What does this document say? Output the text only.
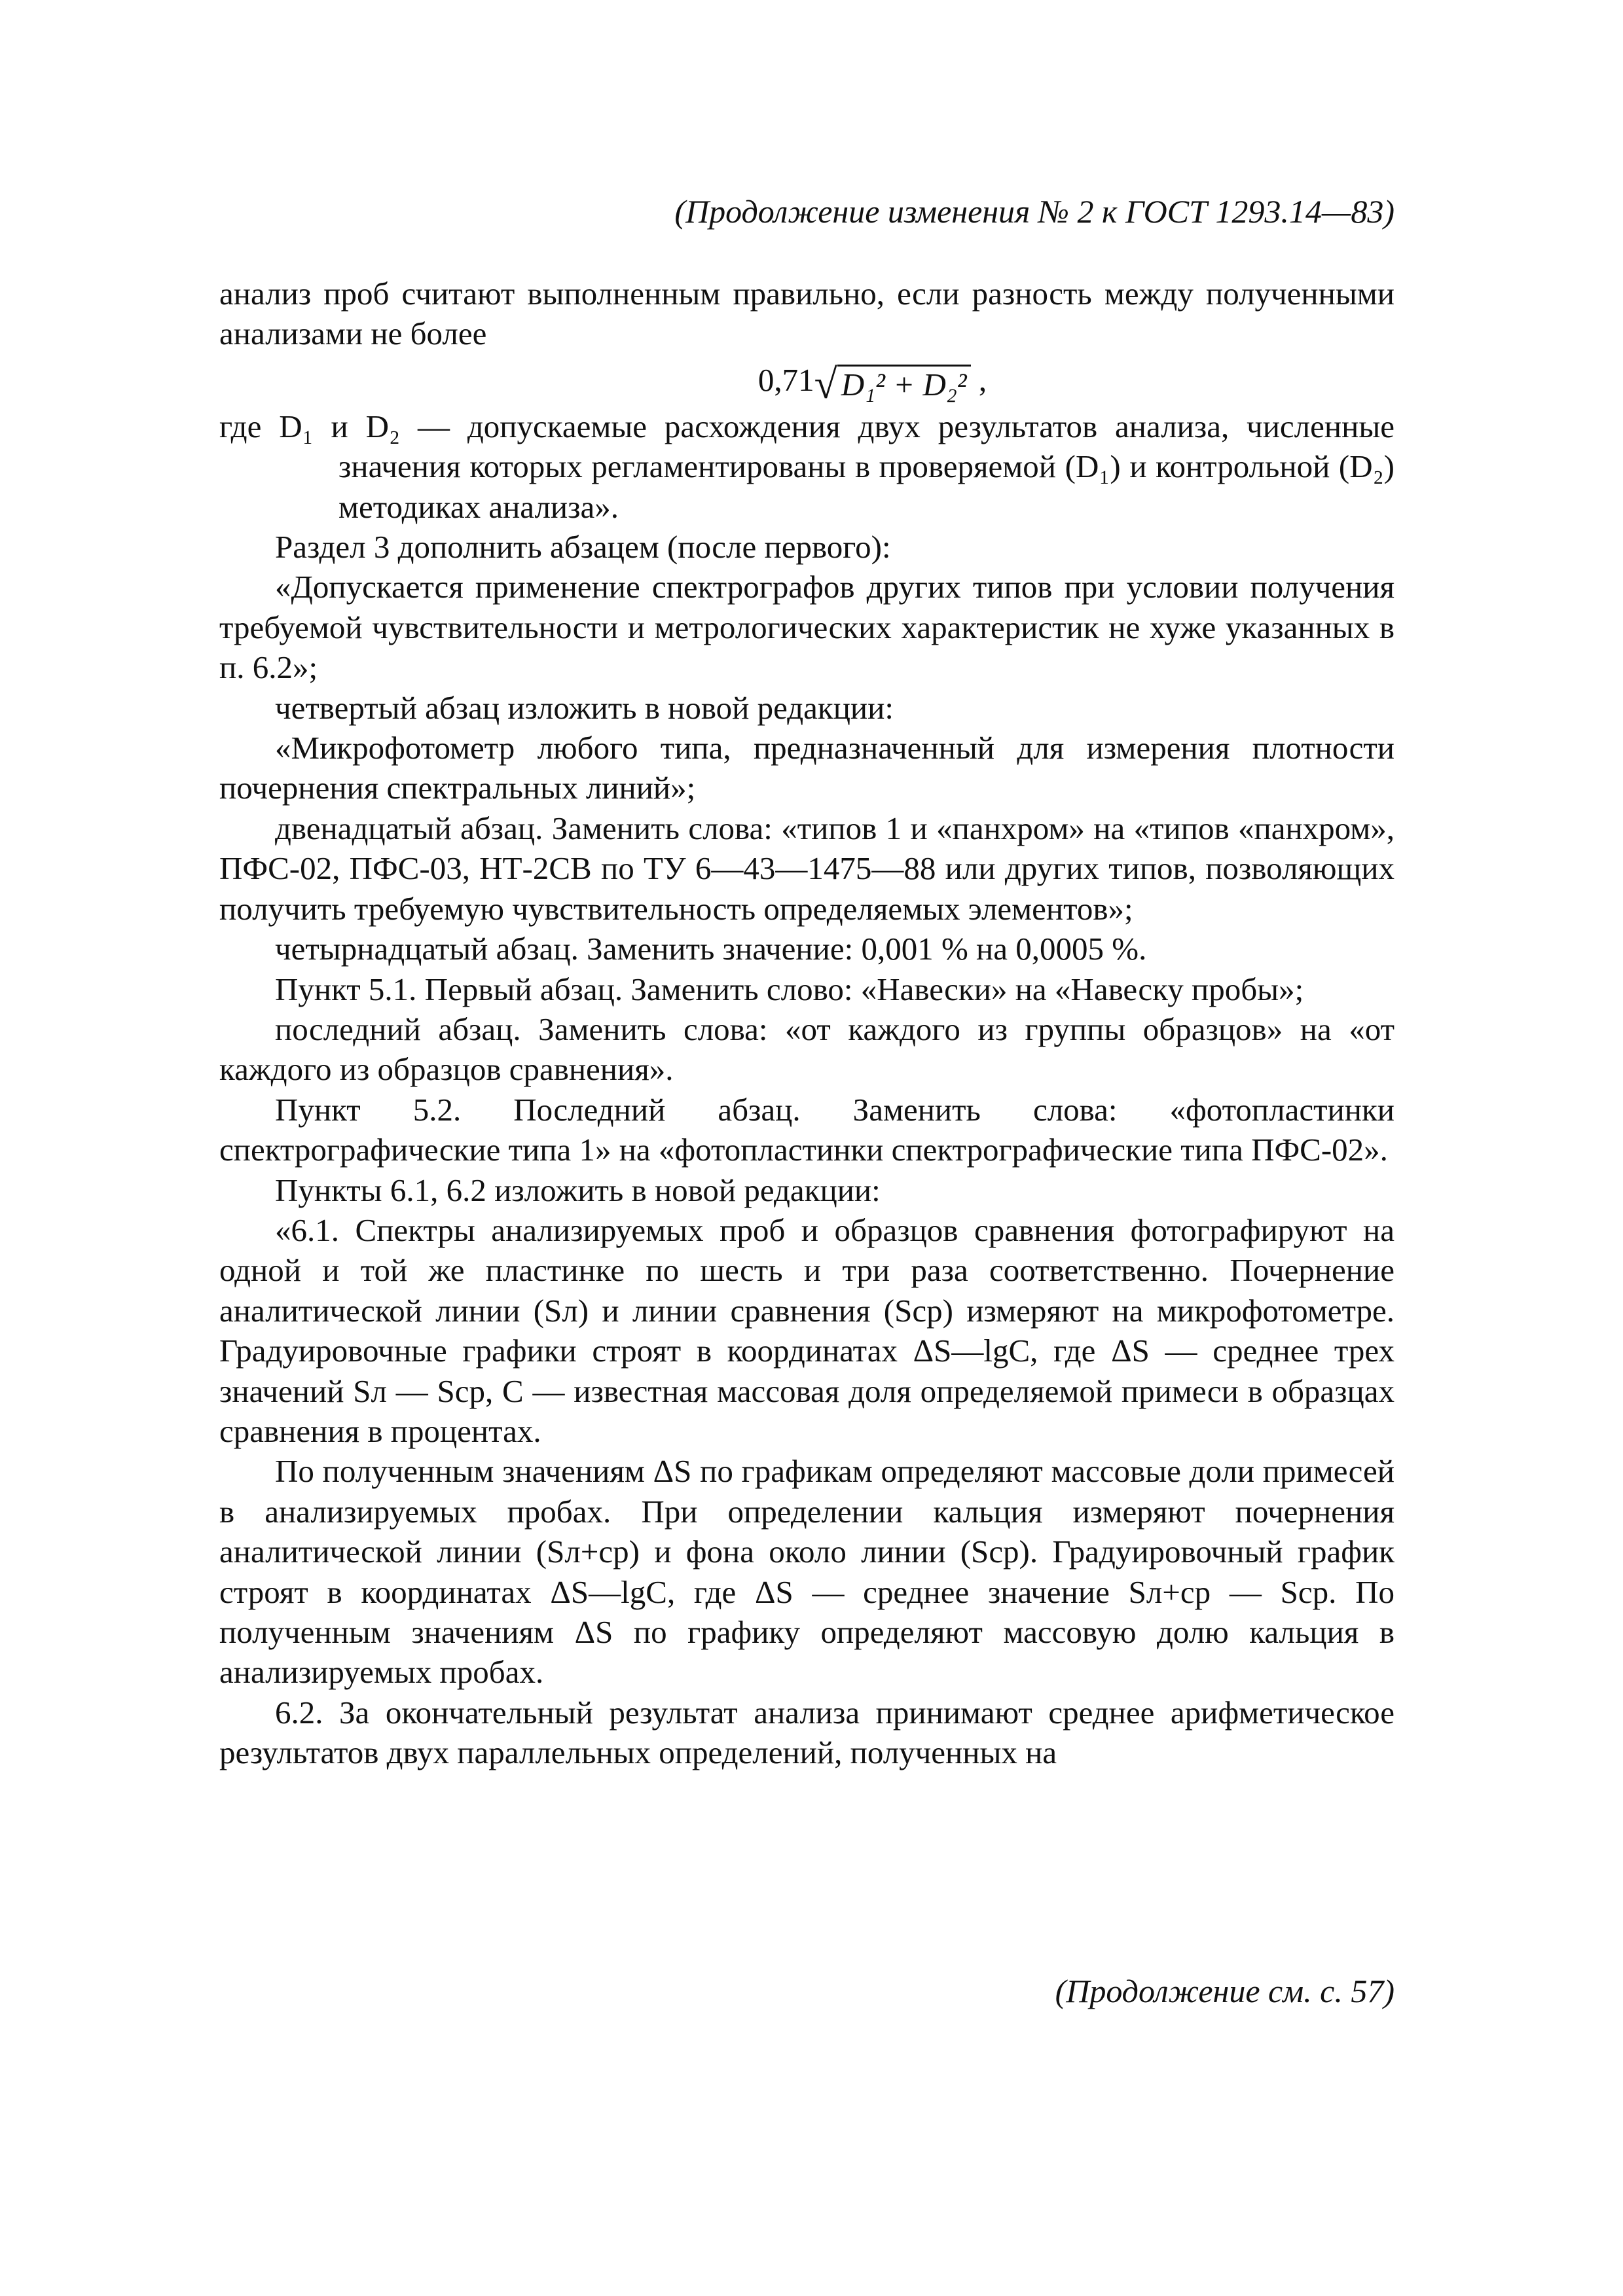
(Продолжение изменения № 2 к ГОСТ 1293.14—83)

анализ проб считают выполненным правильно, если разность между полученными анализами не более

0,71√ D₁² + D₂² ,

где D₁ и D₂ — допускаемые расхождения двух результатов анализа, численные значения которых регламентированы в проверяемой (D₁) и контрольной (D₂) методиках анализа».

Раздел 3 дополнить абзацем (после первого):

«Допускается применение спектрографов других типов при условии получения требуемой чувствительности и метрологических характеристик не хуже указанных в п. 6.2»;

четвертый абзац изложить в новой редакции:

«Микрофотометр любого типа, предназначенный для измерения плотности почернения спектральных линий»;

двенадцатый абзац. Заменить слова: «типов 1 и «панхром» на «типов «панхром», ПФС-02, ПФС-03, НТ-2СВ по ТУ 6—43—1475—88 или других типов, позволяющих получить требуемую чувствительность определяемых элементов»;

четырнадцатый абзац. Заменить значение: 0,001 % на 0,0005 %.

Пункт 5.1. Первый абзац. Заменить слово: «Навески» на «Навеску пробы»;

последний абзац. Заменить слова: «от каждого из группы образцов» на «от каждого из образцов сравнения».

Пункт 5.2. Последний абзац. Заменить слова: «фотопластинки спектрографические типа 1» на «фотопластинки спектрографические типа ПФС-02».

Пункты 6.1, 6.2 изложить в новой редакции:

«6.1. Спектры анализируемых проб и образцов сравнения фотографируют на одной и той же пластинке по шесть и три раза соответственно. Почернение аналитической линии (Sл) и линии сравнения (Sср) измеряют на микрофотометре. Градуировочные графики строят в координатах ΔS—lgC, где ΔS — среднее трех значений Sл — Sср, C — известная массовая доля определяемой примеси в образцах сравнения в процентах.

По полученным значениям ΔS по графикам определяют массовые доли примесей в анализируемых пробах. При определении кальция измеряют почернения аналитической линии (Sл+ср) и фона около линии (Sср). Градуировочный график строят в координатах ΔS—lgC, где ΔS — среднее значение Sл+ср — Sср. По полученным значениям ΔS по графику определяют массовую долю кальция в анализируемых пробах.

6.2. За окончательный результат анализа принимают среднее арифметическое результатов двух параллельных определений, полученных на

(Продолжение см. с. 57)
